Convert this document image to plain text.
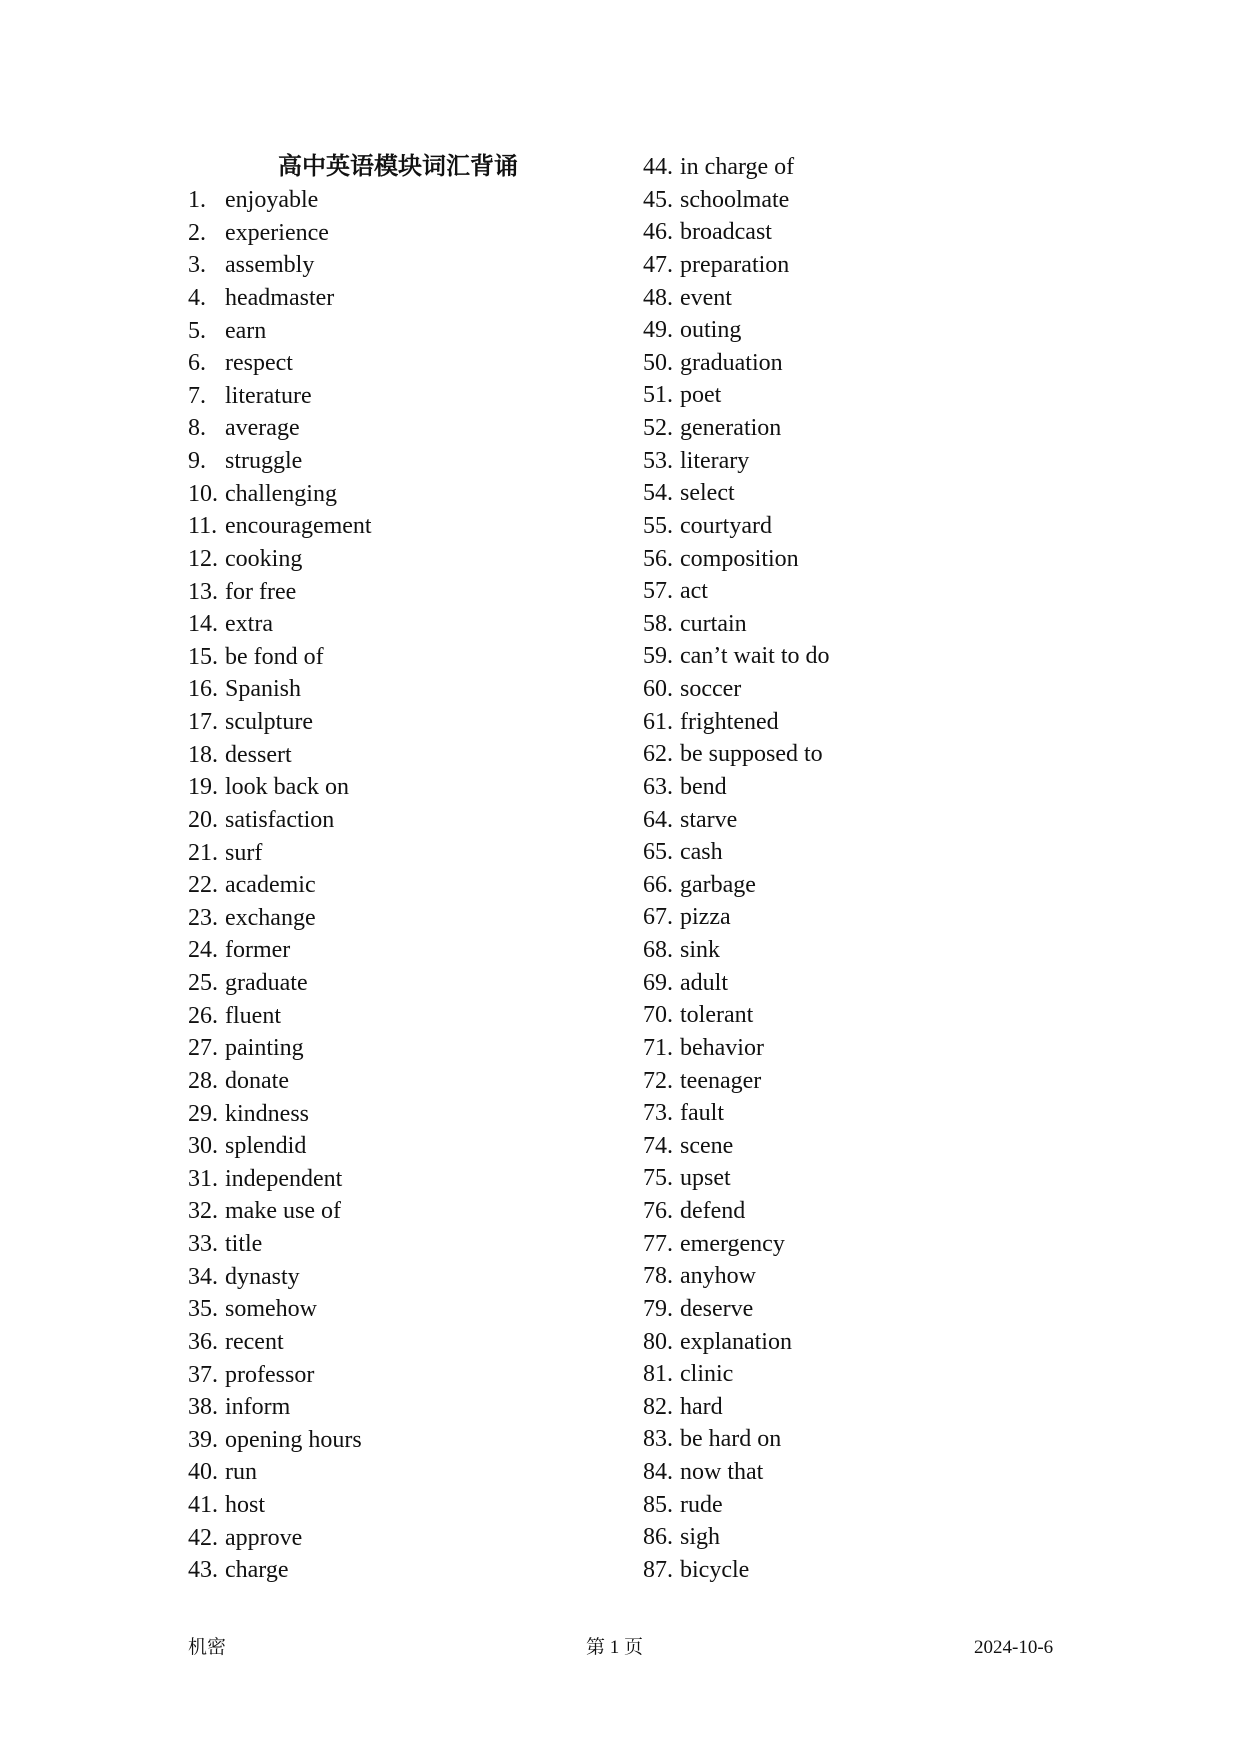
高中英语模块词汇背诵
1. enjoyable
2. experience
3. assembly
4. headmaster
5. earn
6. respect
7. literature
8. average
9. struggle
10. challenging
11. encouragement
12. cooking
13. for free
14. extra
15. be fond of
16. Spanish
17. sculpture
18. dessert
19. look back on
20. satisfaction
21. surf
22. academic
23. exchange
24. former
25. graduate
26. fluent
27. painting
28. donate
29. kindness
30. splendid
31. independent
32. make use of
33. title
34. dynasty
35. somehow
36. recent
37. professor
38. inform
39. opening hours
40. run
41. host
42. approve
43. charge
44. in charge of
45. schoolmate
46. broadcast
47. preparation
48. event
49. outing
50. graduation
51. poet
52. generation
53. literary
54. select
55. courtyard
56. composition
57. act
58. curtain
59. can’t wait to do
60. soccer
61. frightened
62. be supposed to
63. bend
64. starve
65. cash
66. garbage
67. pizza
68. sink
69. adult
70. tolerant
71. behavior
72. teenager
73. fault
74. scene
75. upset
76. defend
77. emergency
78. anyhow
79. deserve
80. explanation
81. clinic
82. hard
83. be hard on
84. now that
85. rude
86. sigh
87. bicycle
机密	第 1 页	2024-10-6
